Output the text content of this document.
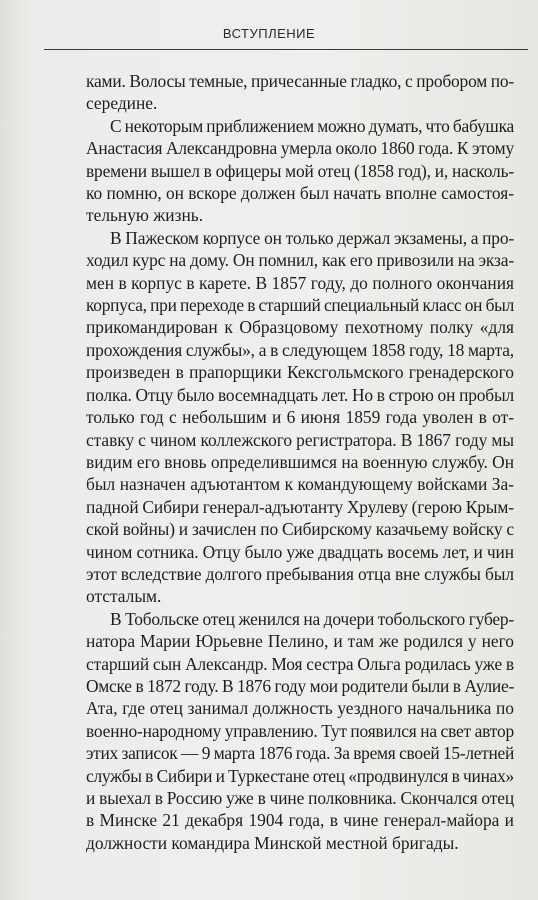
ВСТУПЛЕНИЕ

ками. Волосы темные, причесанные гладко, с пробором по-
середине.

С некоторым приближением можно думать, что бабушка
Анастасия Александровна умерла около 1860 года. К этому
времени вышел в офицеры мой отец (1858 год), и, насколь-
ко помню, он вскоре должен был начать вполне самостоя-
тельную жизнь.

В Пажеском корпусе он только держал экзамены, а про-
ходил курс на дому. Он помнил, как его привозили на экза-
мен в корпус в карете. В 1857 году, до полного окончания
корпуса, при переходе в старший специальный класс он был
прикомандирован к Образцовому пехотному полку «для
прохождения службы», а в следующем 1858 году, 18 марта,
произведен в прапорщики Кексгольмского гренадерского
полка. Отцу было восемнадцать лет. Но в строю он пробыл
только год с небольшим и 6 июня 1859 года уволен в от-
ставку с чином коллежского регистратора. В 1867 году мы
видим его вновь определившимся на военную службу. Он
был назначен адъютантом к командующему войсками За-
падной Сибири генерал-адъютанту Хрулеву (герою Крым-
ской войны) и зачислен по Сибирскому казачьему войску с
чином сотника. Отцу было уже двадцать восемь лет, и чин
этот вследствие долгого пребывания отца вне службы был
отсталым.

В Тобольске отец женился на дочери тобольского губер-
натора Марии Юрьевне Пелино, и там же родился у него
старший сын Александр. Моя сестра Ольга родилась уже в
Омске в 1872 году. В 1876 году мои родители были в Аулие-
Ата, где отец занимал должность уездного начальника по
военно-народному управлению. Тут появился на свет автор
этих записок — 9 марта 1876 года. За время своей 15-летней
службы в Сибири и Туркестане отец «продвинулся в чинах»
и выехал в Россию уже в чине полковника. Скончался отец
в Минске 21 декабря 1904 года, в чине генерал-майора и
должности командира Минской местной бригады.
